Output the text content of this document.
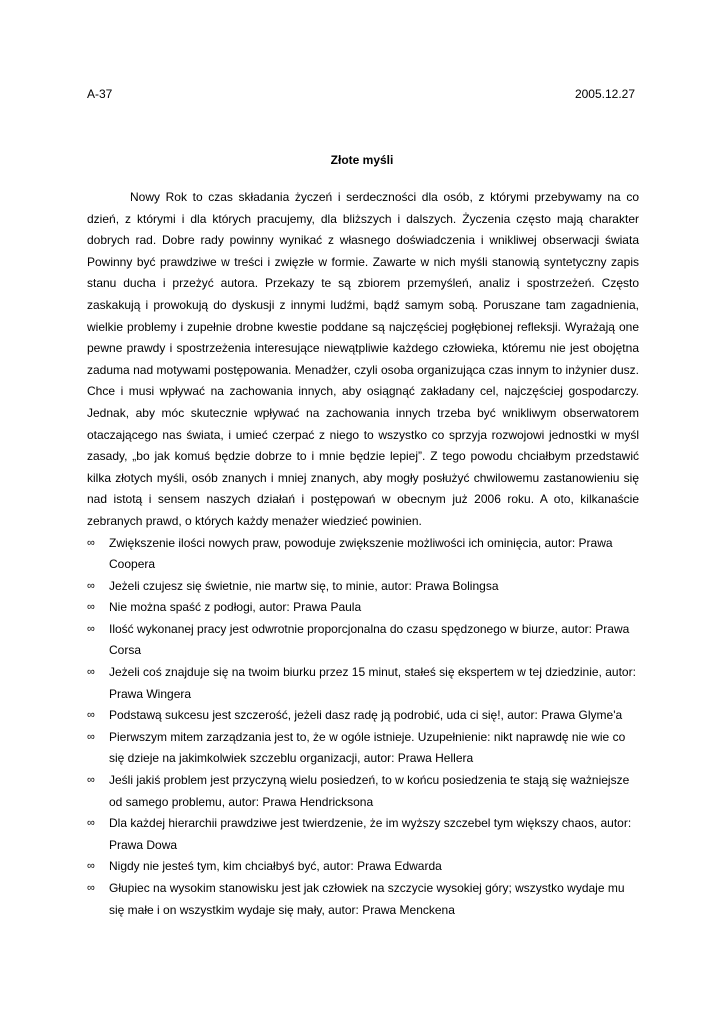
A-37	2005.12.27
Złote myśli

Nowy Rok to czas składania życzeń i serdeczności dla osób, z którymi przebywamy na co dzień, z którymi i dla których pracujemy, dla bliższych i dalszych. Życzenia często mają charakter dobrych rad. Dobre rady powinny wynikać z własnego doświadczenia i wnikliwej obserwacji świata Powinny być prawdziwe w treści i zwięzłe w formie. Zawarte w nich myśli stanowią syntetyczny zapis stanu ducha i przeżyć autora. Przekazy te są zbiorem przemyśleń, analiz i spostrzeżeń. Często zaskakują i prowokują do dyskusji z innymi ludźmi, bądź samym sobą. Poruszane tam zagadnienia, wielkie problemy i zupełnie drobne kwestie poddane są najczęściej pogłębionej refleksji. Wyrażają one pewne prawdy i spostrzeżenia interesujące niewątpliwie każdego człowieka, któremu nie jest obojętna zaduma nad motywami postępowania. Menadżer, czyli osoba organizująca czas innym to inżynier dusz. Chce i musi wpływać na zachowania innych, aby osiągnąć zakładany cel, najczęściej gospodarczy. Jednak, aby móc skutecznie wpływać na zachowania innych trzeba być wnikliwym obserwatorem otaczającego nas świata, i umieć czerpać z niego to wszystko co sprzyja rozwojowi jednostki w myśl zasady, „bo jak komuś będzie dobrze to i mnie będzie lepiej”. Z tego powodu chciałbym przedstawić kilka złotych myśli, osób znanych i mniej znanych, aby mogły posłużyć chwilowemu zastanowieniu się nad istotą i sensem naszych działań i postępowań w obecnym już 2006 roku. A oto, kilkanaście zebranych prawd, o których każdy menażer wiedzieć powinien.

∞ Zwiększenie ilości nowych praw, powoduje zwiększenie możliwości ich ominięcia, autor: Prawa Coopera
∞ Jeżeli czujesz się świetnie, nie martw się, to minie, autor: Prawa Bolingsa
∞ Nie można spaść z podłogi, autor: Prawa Paula
∞ Ilość wykonanej pracy jest odwrotnie proporcjonalna do czasu spędzonego w biurze, autor: Prawa Corsa
∞ Jeżeli coś znajduje się na twoim biurku przez 15 minut, stałeś się ekspertem w tej dziedzinie, autor: Prawa Wingera
∞ Podstawą sukcesu jest szczerość, jeżeli dasz radę ją podrobić, uda ci się!, autor: Prawa Glyme'a
∞ Pierwszym mitem zarządzania jest to, że w ogóle istnieje. Uzupełnienie: nikt naprawdę nie wie co się dzieje na jakimkolwiek szczeblu organizacji, autor: Prawa Hellera
∞ Jeśli jakiś problem jest przyczyną wielu posiedzeń, to w końcu posiedzenia te stają się ważniejsze od samego problemu, autor: Prawa Hendricksona
∞ Dla każdej hierarchii prawdziwe jest twierdzenie, że im wyższy szczebel tym większy chaos, autor: Prawa Dowa
∞ Nigdy nie jesteś tym, kim chciałbyś być, autor: Prawa Edwarda
∞ Głupiec na wysokim stanowisku jest jak człowiek na szczycie wysokiej góry; wszystko wydaje mu się małe i on wszystkim wydaje się mały, autor: Prawa Menckena
